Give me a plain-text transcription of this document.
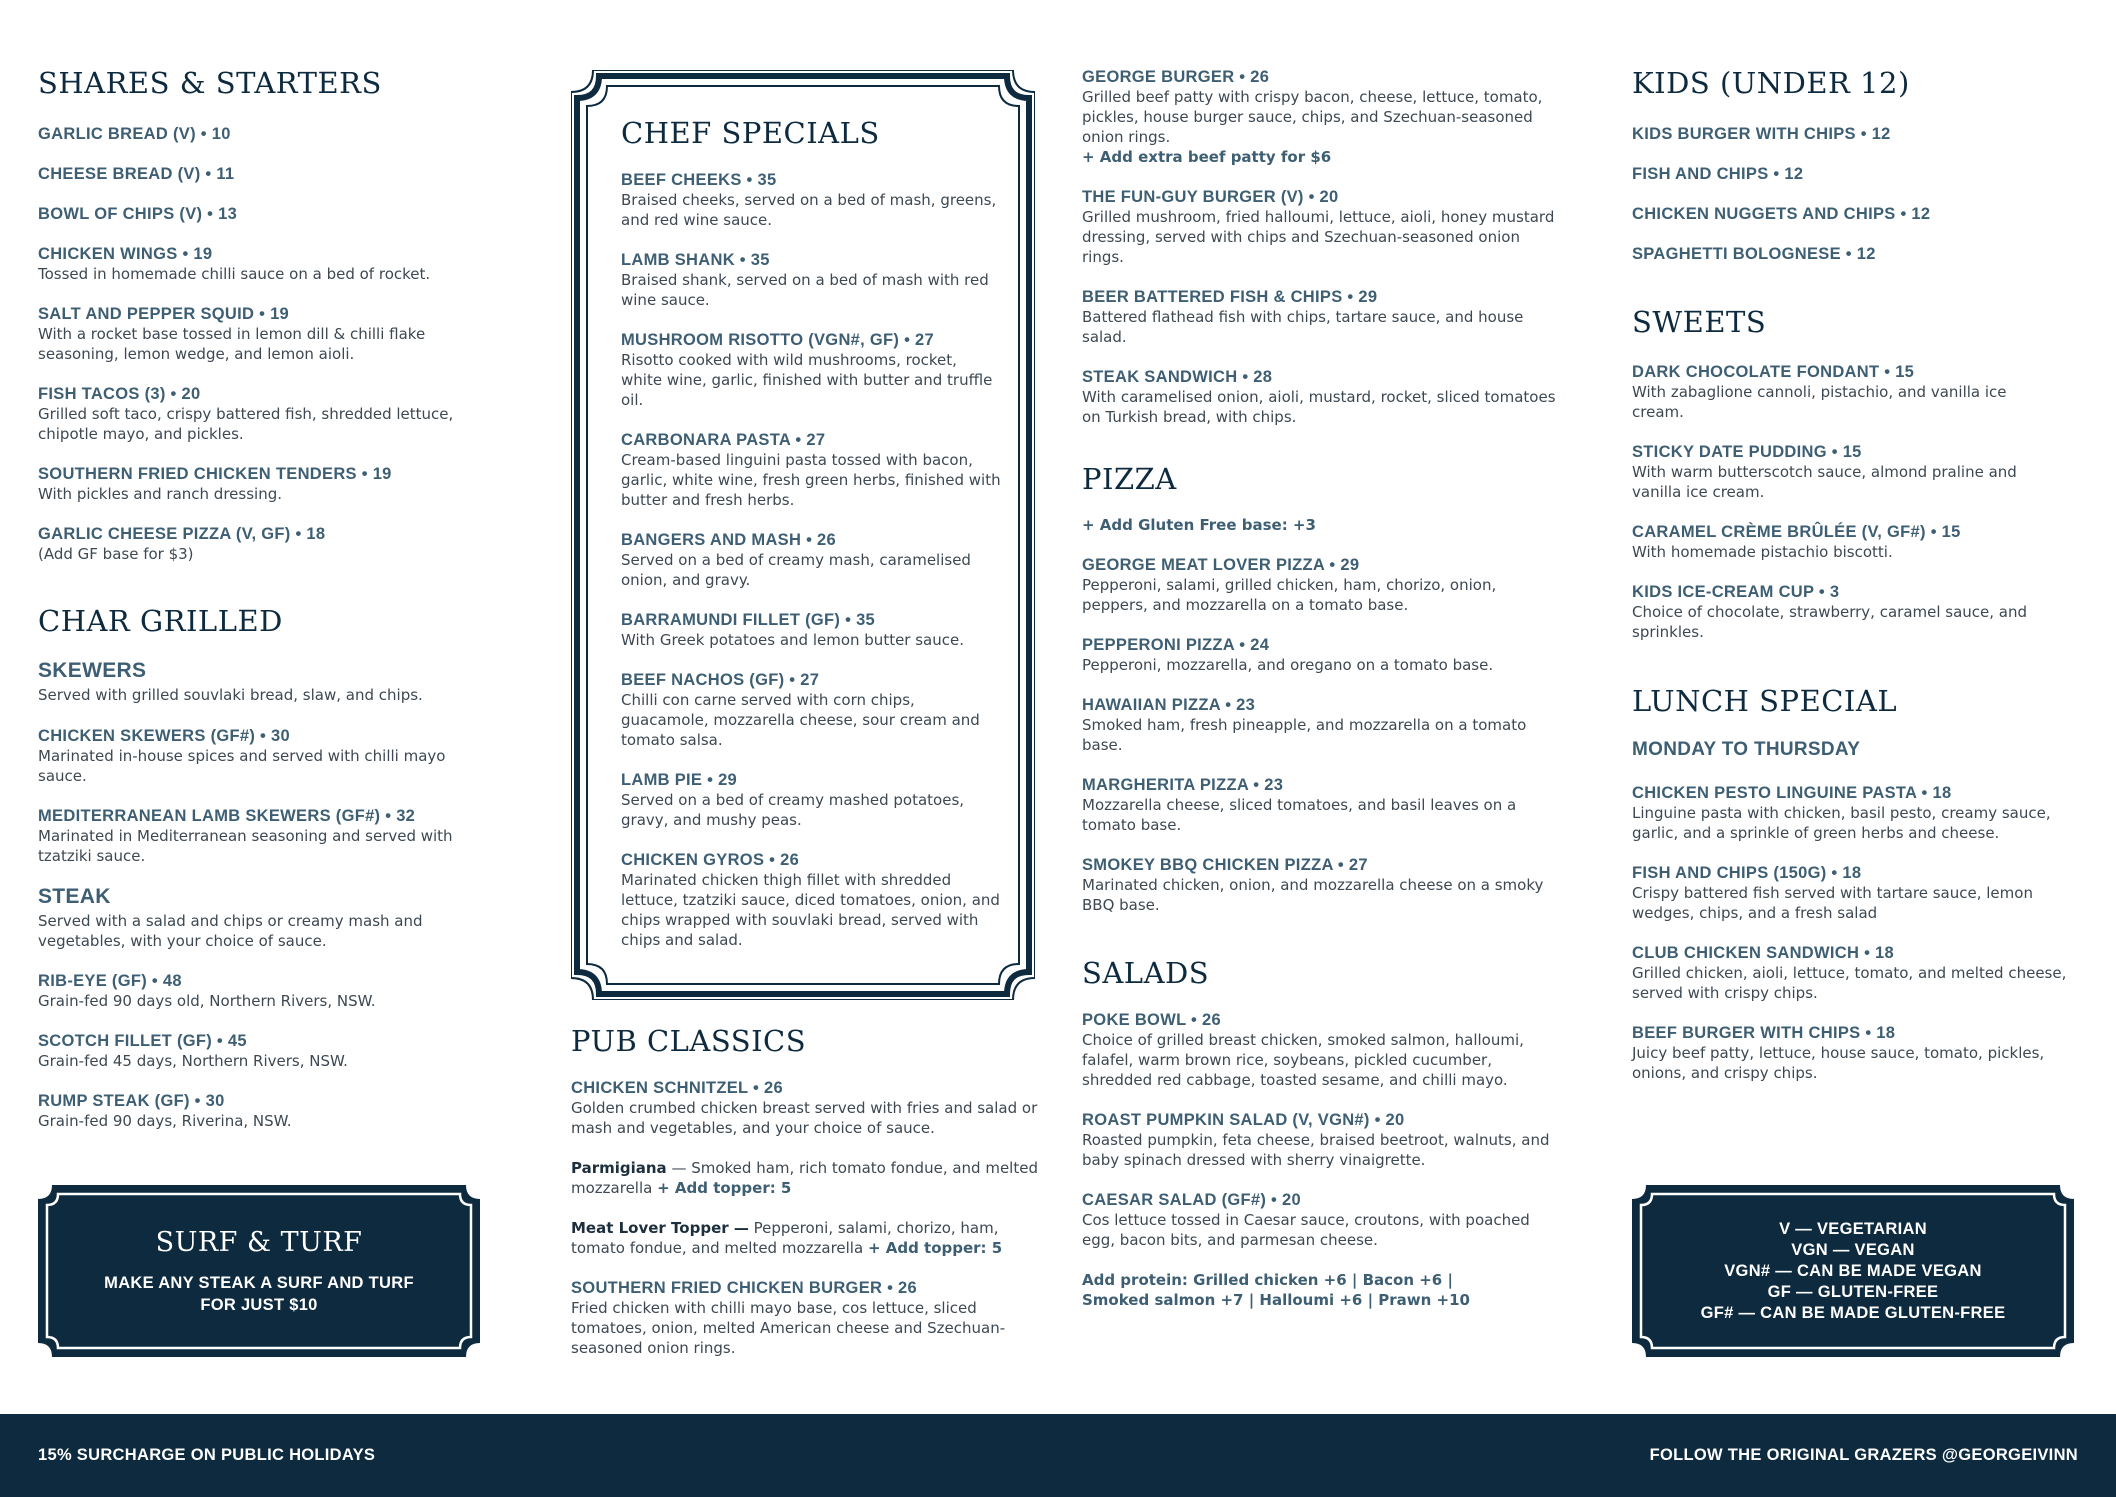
SHARES & STARTERS
GARLIC BREAD (V) • 10
CHEESE BREAD (V) • 11
BOWL OF CHIPS (V) • 13
CHICKEN WINGS • 19
Tossed in homemade chilli sauce on a bed of rocket.
SALT AND PEPPER SQUID • 19
With a rocket base tossed in lemon dill & chilli flake seasoning, lemon wedge, and lemon aioli.
FISH TACOS (3) • 20
Grilled soft taco, crispy battered fish, shredded lettuce, chipotle mayo, and pickles.
SOUTHERN FRIED CHICKEN TENDERS • 19
With pickles and ranch dressing.
GARLIC CHEESE PIZZA (V, GF) • 18
(Add GF base for $3)
CHAR GRILLED
SKEWERS
Served with grilled souvlaki bread, slaw, and chips.
CHICKEN SKEWERS (GF#) • 30
Marinated in-house spices and served with chilli mayo sauce.
MEDITERRANEAN LAMB SKEWERS (GF#) • 32
Marinated in Mediterranean seasoning and served with tzatziki sauce.
STEAK
Served with a salad and chips or creamy mash and vegetables, with your choice of sauce.
RIB-EYE (GF) • 48
Grain-fed 90 days old, Northern Rivers, NSW.
SCOTCH FILLET (GF) • 45
Grain-fed 45 days, Northern Rivers, NSW.
RUMP STEAK (GF) • 30
Grain-fed 90 days, Riverina, NSW.
SURF & TURF
MAKE ANY STEAK A SURF AND TURF
FOR JUST $10
CHEF SPECIALS
BEEF CHEEKS • 35
Braised cheeks, served on a bed of mash, greens, and red wine sauce.
LAMB SHANK • 35
Braised shank, served on a bed of mash with red wine sauce.
MUSHROOM RISOTTO (VGN#, GF) • 27
Risotto cooked with wild mushrooms, rocket, white wine, garlic, finished with butter and truffle oil.
CARBONARA PASTA • 27
Cream-based linguini pasta tossed with bacon, garlic, white wine, fresh green herbs, finished with butter and fresh herbs.
BANGERS AND MASH • 26
Served on a bed of creamy mash, caramelised onion, and gravy.
BARRAMUNDI FILLET (GF) • 35
With Greek potatoes and lemon butter sauce.
BEEF NACHOS (GF) • 27
Chilli con carne served with corn chips, guacamole, mozzarella cheese, sour cream and tomato salsa.
LAMB PIE • 29
Served on a bed of creamy mashed potatoes, gravy, and mushy peas.
CHICKEN GYROS • 26
Marinated chicken thigh fillet with shredded lettuce, tzatziki sauce, diced tomatoes, onion, and chips wrapped with souvlaki bread, served with chips and salad.
PUB CLASSICS
CHICKEN SCHNITZEL • 26
Golden crumbed chicken breast served with fries and salad or mash and vegetables, and your choice of sauce.
Parmigiana — Smoked ham, rich tomato fondue, and melted mozzarella + Add topper: 5
Meat Lover Topper — Pepperoni, salami, chorizo, ham, tomato fondue, and melted mozzarella + Add topper: 5
SOUTHERN FRIED CHICKEN BURGER • 26
Fried chicken with chilli mayo base, cos lettuce, sliced tomatoes, onion, melted American cheese and Szechuan-seasoned onion rings.
GEORGE BURGER • 26
Grilled beef patty with crispy bacon, cheese, lettuce, tomato, pickles, house burger sauce, chips, and Szechuan-seasoned onion rings.
+ Add extra beef patty for $6
THE FUN-GUY BURGER (V) • 20
Grilled mushroom, fried halloumi, lettuce, aioli, honey mustard dressing, served with chips and Szechuan-seasoned onion rings.
BEER BATTERED FISH & CHIPS • 29
Battered flathead fish with chips, tartare sauce, and house salad.
STEAK SANDWICH • 28
With caramelised onion, aioli, mustard, rocket, sliced tomatoes on Turkish bread, with chips.
PIZZA
+ Add Gluten Free base: +3
GEORGE MEAT LOVER PIZZA • 29
Pepperoni, salami, grilled chicken, ham, chorizo, onion, peppers, and mozzarella on a tomato base.
PEPPERONI PIZZA • 24
Pepperoni, mozzarella, and oregano on a tomato base.
HAWAIIAN PIZZA • 23
Smoked ham, fresh pineapple, and mozzarella on a tomato base.
MARGHERITA PIZZA • 23
Mozzarella cheese, sliced tomatoes, and basil leaves on a tomato base.
SMOKEY BBQ CHICKEN PIZZA • 27
Marinated chicken, onion, and mozzarella cheese on a smoky BBQ base.
SALADS
POKE BOWL • 26
Choice of grilled breast chicken, smoked salmon, halloumi, falafel, warm brown rice, soybeans, pickled cucumber, shredded red cabbage, toasted sesame, and chilli mayo.
ROAST PUMPKIN SALAD (V, VGN#) • 20
Roasted pumpkin, feta cheese, braised beetroot, walnuts, and baby spinach dressed with sherry vinaigrette.
CAESAR SALAD (GF#) • 20
Cos lettuce tossed in Caesar sauce, croutons, with poached egg, bacon bits, and parmesan cheese.
Add protein: Grilled chicken +6 | Bacon +6 |
Smoked salmon +7 | Halloumi +6 | Prawn +10
KIDS (UNDER 12)
KIDS BURGER WITH CHIPS • 12
FISH AND CHIPS • 12
CHICKEN NUGGETS AND CHIPS • 12
SPAGHETTI BOLOGNESE • 12
SWEETS
DARK CHOCOLATE FONDANT • 15
With zabaglione cannoli, pistachio, and vanilla ice cream.
STICKY DATE PUDDING • 15
With warm butterscotch sauce, almond praline and vanilla ice cream.
CARAMEL CRÈME BRÛLÉE (V, GF#) • 15
With homemade pistachio biscotti.
KIDS ICE-CREAM CUP • 3
Choice of chocolate, strawberry, caramel sauce, and sprinkles.
LUNCH SPECIAL
MONDAY TO THURSDAY
CHICKEN PESTO LINGUINE PASTA • 18
Linguine pasta with chicken, basil pesto, creamy sauce, garlic, and a sprinkle of green herbs and cheese.
FISH AND CHIPS (150G) • 18
Crispy battered fish served with tartare sauce, lemon wedges, chips, and a fresh salad
CLUB CHICKEN SANDWICH • 18
Grilled chicken, aioli, lettuce, tomato, and melted cheese, served with crispy chips.
BEEF BURGER WITH CHIPS • 18
Juicy beef patty, lettuce, house sauce, tomato, pickles, onions, and crispy chips.
V — VEGETARIAN
VGN — VEGAN
VGN# — CAN BE MADE VEGAN
GF — GLUTEN-FREE
GF# — CAN BE MADE GLUTEN-FREE
15% SURCHARGE ON PUBLIC HOLIDAYS	FOLLOW THE ORIGINAL GRAZERS @GEORGEIVINN
